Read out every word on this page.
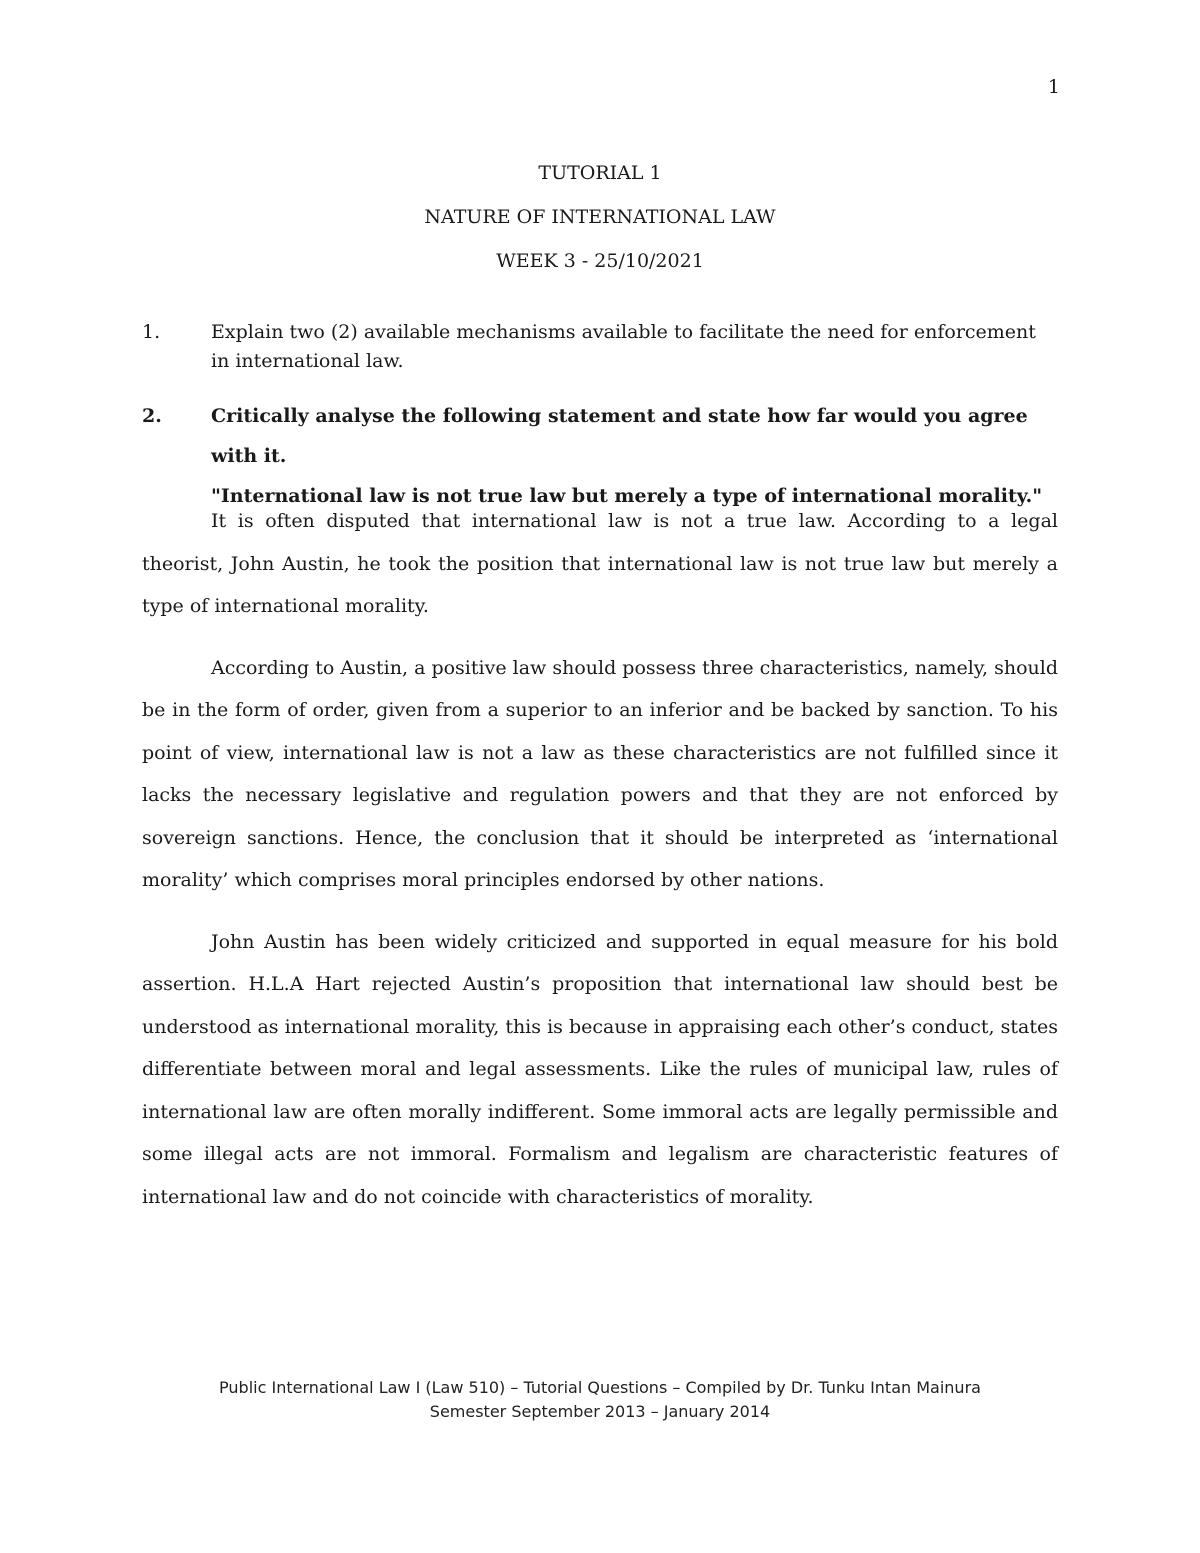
1
TUTORIAL 1
NATURE OF INTERNATIONAL LAW
WEEK 3 - 25/10/2021
1.	Explain two (2) available mechanisms available to facilitate the need for enforcement in international law.
2.	Critically analyse the following statement and state how far would you agree with it.
"International law is not true law but merely a type of international morality."

It is often disputed that international law is not a true law. According to a legal theorist, John Austin, he took the position that international law is not true law but merely a type of international morality.

According to Austin, a positive law should possess three characteristics, namely, should be in the form of order, given from a superior to an inferior and be backed by sanction. To his point of view, international law is not a law as these characteristics are not fulfilled since it lacks the necessary legislative and regulation powers and that they are not enforced by sovereign sanctions. Hence, the conclusion that it should be interpreted as ‘international morality’ which comprises moral principles endorsed by other nations.

John Austin has been widely criticized and supported in equal measure for his bold assertion. H.L.A Hart rejected Austin’s proposition that international law should best be understood as international morality, this is because in appraising each other’s conduct, states differentiate between moral and legal assessments. Like the rules of municipal law, rules of international law are often morally indifferent. Some immoral acts are legally permissible and some illegal acts are not immoral. Formalism and legalism are characteristic features of international law and do not coincide with characteristics of morality.

Public International Law I (Law 510) – Tutorial Questions – Compiled by Dr. Tunku Intan Mainura
Semester September 2013 – January 2014
